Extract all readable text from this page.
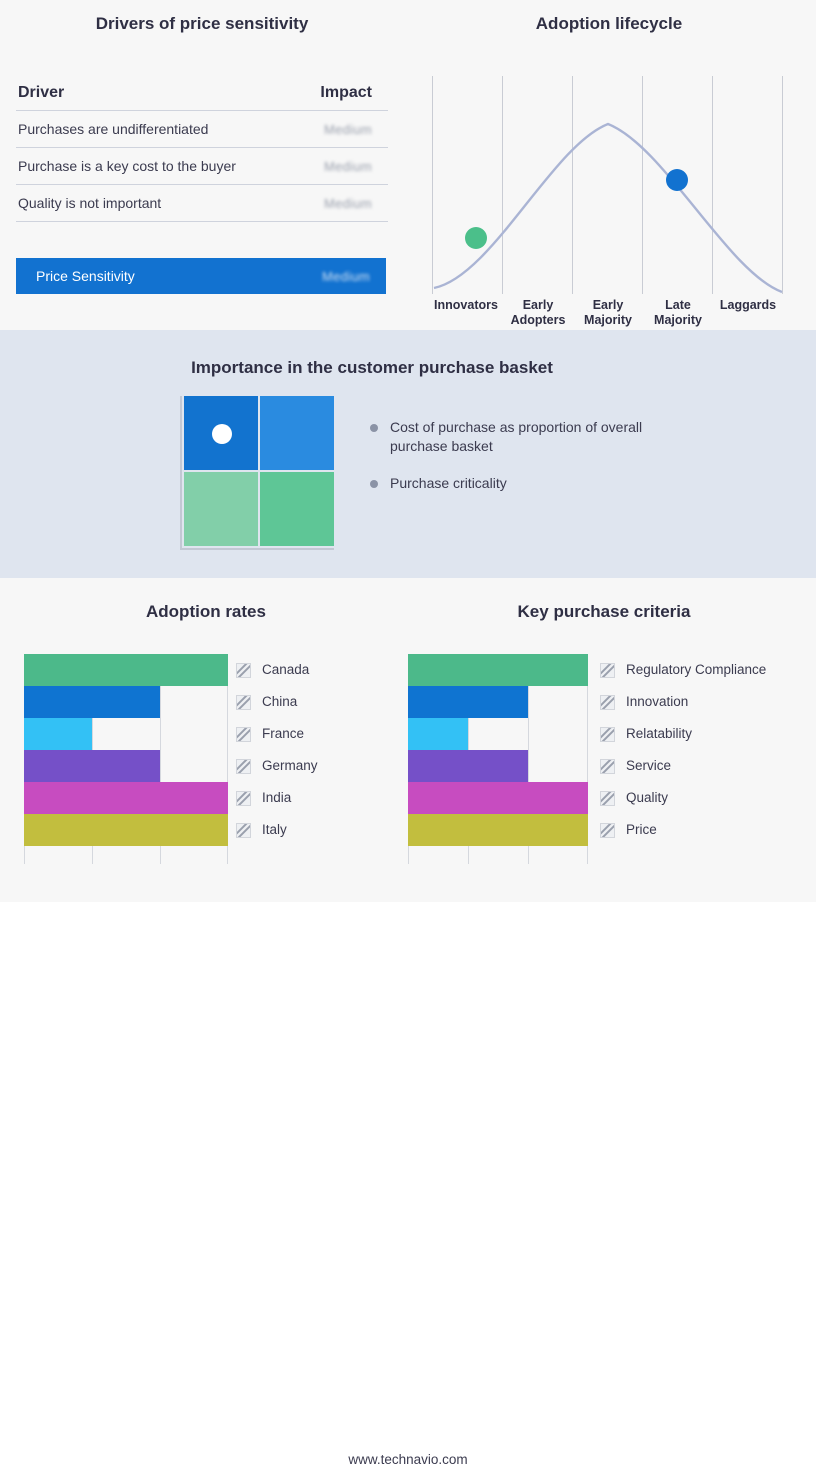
Drivers of price sensitivity
Driver	Impact
Purchases are undifferentiated	Medium
Purchase is a key cost to the buyer	Medium
Quality is not important	Medium
Price Sensitivity	Medium
Adoption lifecycle
Innovators	Early Adopters
Early Majority
Late Majority
Laggards
Importance in the customer purchase basket
Cost of purchase as proportion of overall purchase basket
Purchase criticality
Adoption rates
Canada
China
France
Germany
India
Italy
Key purchase criteria
Regulatory Compliance
Innovation
Relatability
Service
Quality
Price
www.technavio.com
